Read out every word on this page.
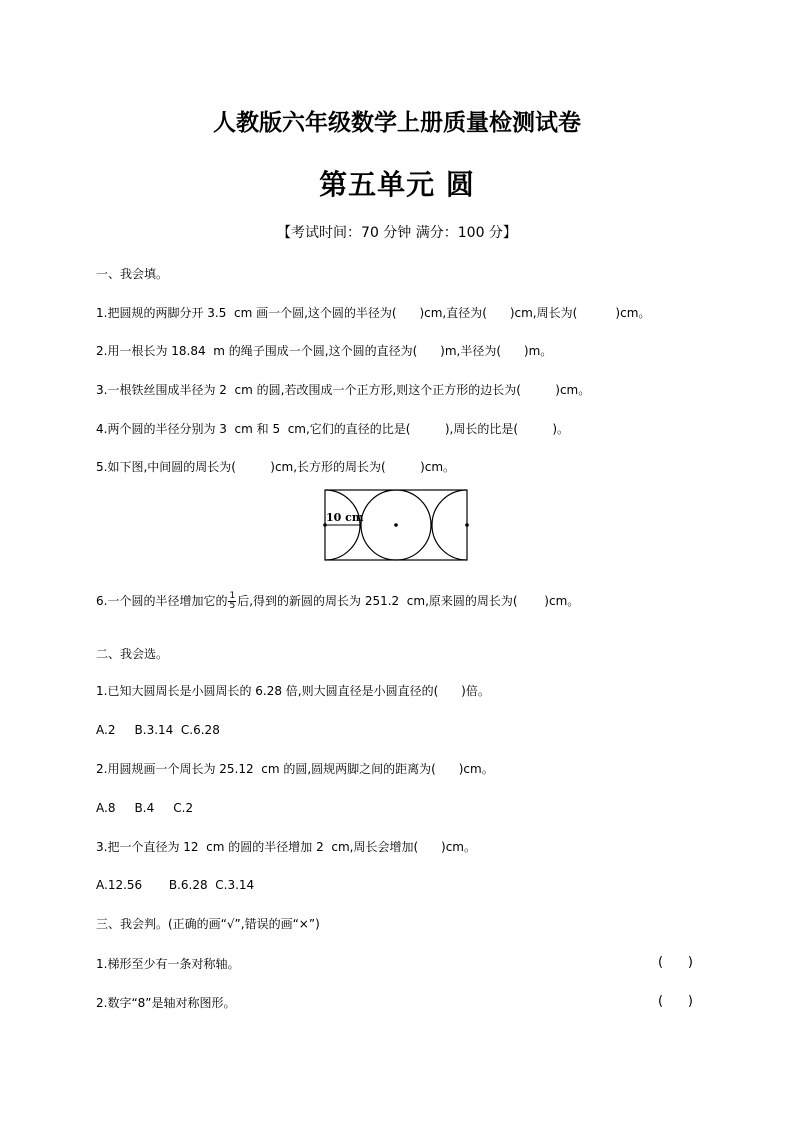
人教版六年级数学上册质量检测试卷
第五单元 圆
【考试时间：70 分钟 满分：100 分】
一、我会填。
1.把圆规的两脚分开 3.5  cm 画一个圆,这个圆的半径为(      )cm,直径为(      )cm,周长为(          )cm。
2.用一根长为 18.84  m 的绳子围成一个圆,这个圆的直径为(      )m,半径为(      )m。
3.一根铁丝围成半径为 2  cm 的圆,若改围成一个正方形,则这个正方形的边长为(         )cm。
4.两个圆的半径分别为 3  cm 和 5  cm,它们的直径的比是(         ),周长的比是(         )。
5.如下图,中间圆的周长为(         )cm,长方形的周长为(         )cm。
10 cm
6.一个圆的半径增加它的 $\frac{1}{5}$ 后,得到的新圆的周长为 251.2  cm,原来圆的周长为(       )cm。
二、我会选。
1.已知大圆周长是小圆周长的 6.28 倍,则大圆直径是小圆直径的(      )倍。
A.2     B.3.14  C.6.28
2.用圆规画一个周长为 25.12  cm 的圆,圆规两脚之间的距离为(      )cm。
A.8     B.4     C.2
3.把一个直径为 12  cm 的圆的半径增加 2  cm,周长会增加(      )cm。
A.12.56       B.6.28  C.3.14
三、我会判。(正确的画“√”,错误的画“×”)
1.梯形至少有一条对称轴。	(      )
2.数字“8”是轴对称图形。	(      )
